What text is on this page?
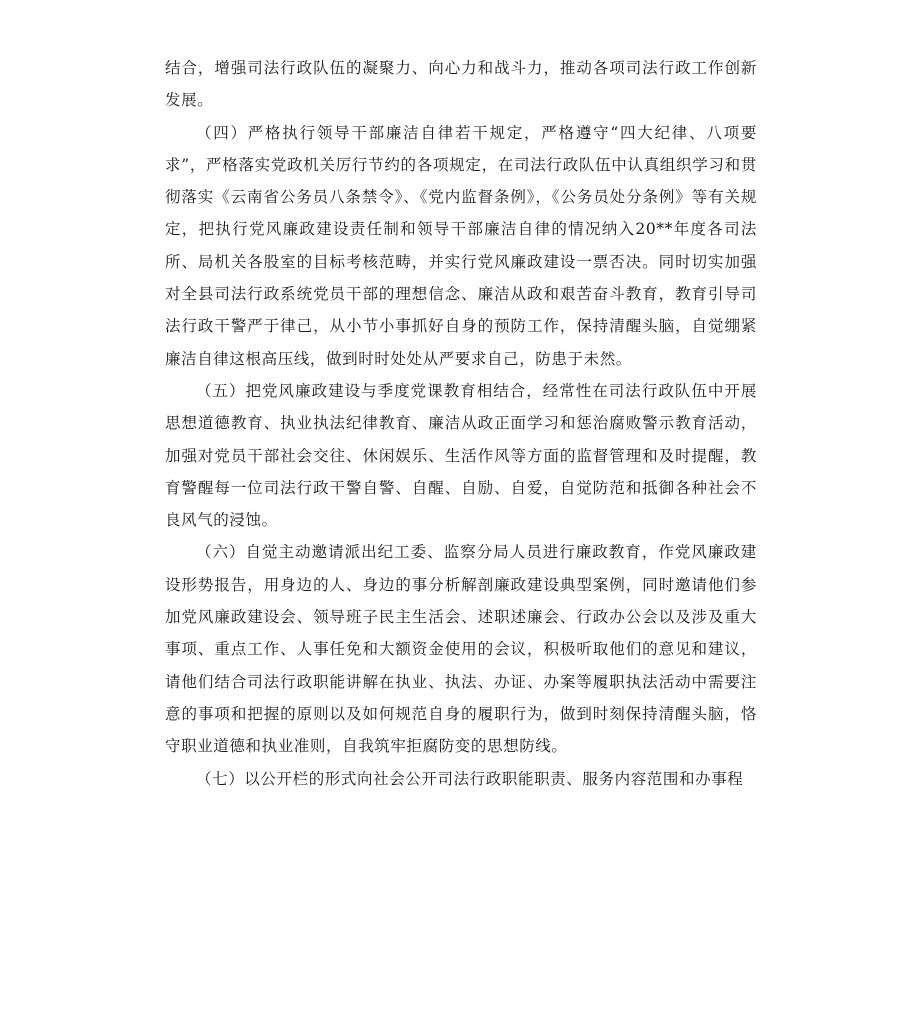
结合，增强司法行政队伍的凝聚力、向心力和战斗力，推动各项司法行政工作创新发展。

（四）严格执行领导干部廉洁自律若干规定，严格遵守“四大纪律、八项要求”，严格落实党政机关厉行节约的各项规定，在司法行政队伍中认真组织学习和贯彻落实《云南省公务员八条禁令》、《党内监督条例》，《公务员处分条例》等有关规定，把执行党风廉政建设责任制和领导干部廉洁自律的情况纳入20**年度各司法所、局机关各股室的目标考核范畴，并实行党风廉政建设一票否决。同时切实加强对全县司法行政系统党员干部的理想信念、廉洁从政和艰苦奋斗教育，教育引导司法行政干警严于律己，从小节小事抓好自身的预防工作，保持清醒头脑，自觉绷紧廉洁自律这根高压线，做到时时处处从严要求自己，防患于未然。

（五）把党风廉政建设与季度党课教育相结合，经常性在司法行政队伍中开展思想道德教育、执业执法纪律教育、廉洁从政正面学习和惩治腐败警示教育活动，加强对党员干部社会交往、休闲娱乐、生活作风等方面的监督管理和及时提醒，教育警醒每一位司法行政干警自警、自醒、自励、自爱，自觉防范和抵御各种社会不良风气的浸蚀。

（六）自觉主动邀请派出纪工委、监察分局人员进行廉政教育，作党风廉政建设形势报告，用身边的人、身边的事分析解剖廉政建设典型案例，同时邀请他们参加党风廉政建设会、领导班子民主生活会、述职述廉会、行政办公会以及涉及重大事项、重点工作、人事任免和大额资金使用的会议，积极听取他们的意见和建议，请他们结合司法行政职能讲解在执业、执法、办证、办案等履职执法活动中需要注意的事项和把握的原则以及如何规范自身的履职行为，做到时刻保持清醒头脑，恪守职业道德和执业准则，自我筑牢拒腐防变的思想防线。

（七）以公开栏的形式向社会公开司法行政职能职责、服务内容范围和办事程
